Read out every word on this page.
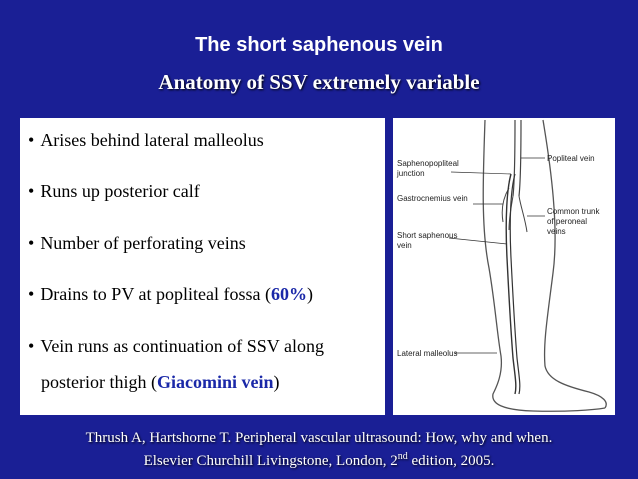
The short saphenous vein
Anatomy of SSV extremely variable
• Arises behind lateral malleolus
• Runs up posterior calf
• Number of perforating veins
• Drains to PV at popliteal fossa (60%)
• Vein runs as continuation of SSV along
posterior thigh (Giacomini vein)
Saphenopopliteal
junction
Gastrocnemius vein
Short saphenous
vein
Lateral malleolus
Popliteal vein
Common trunk
of peroneal
veins
Thrush A, Hartshorne T. Peripheral vascular ultrasound: How, why and when.
Elsevier Churchill Livingstone, London, 2nd edition, 2005.
